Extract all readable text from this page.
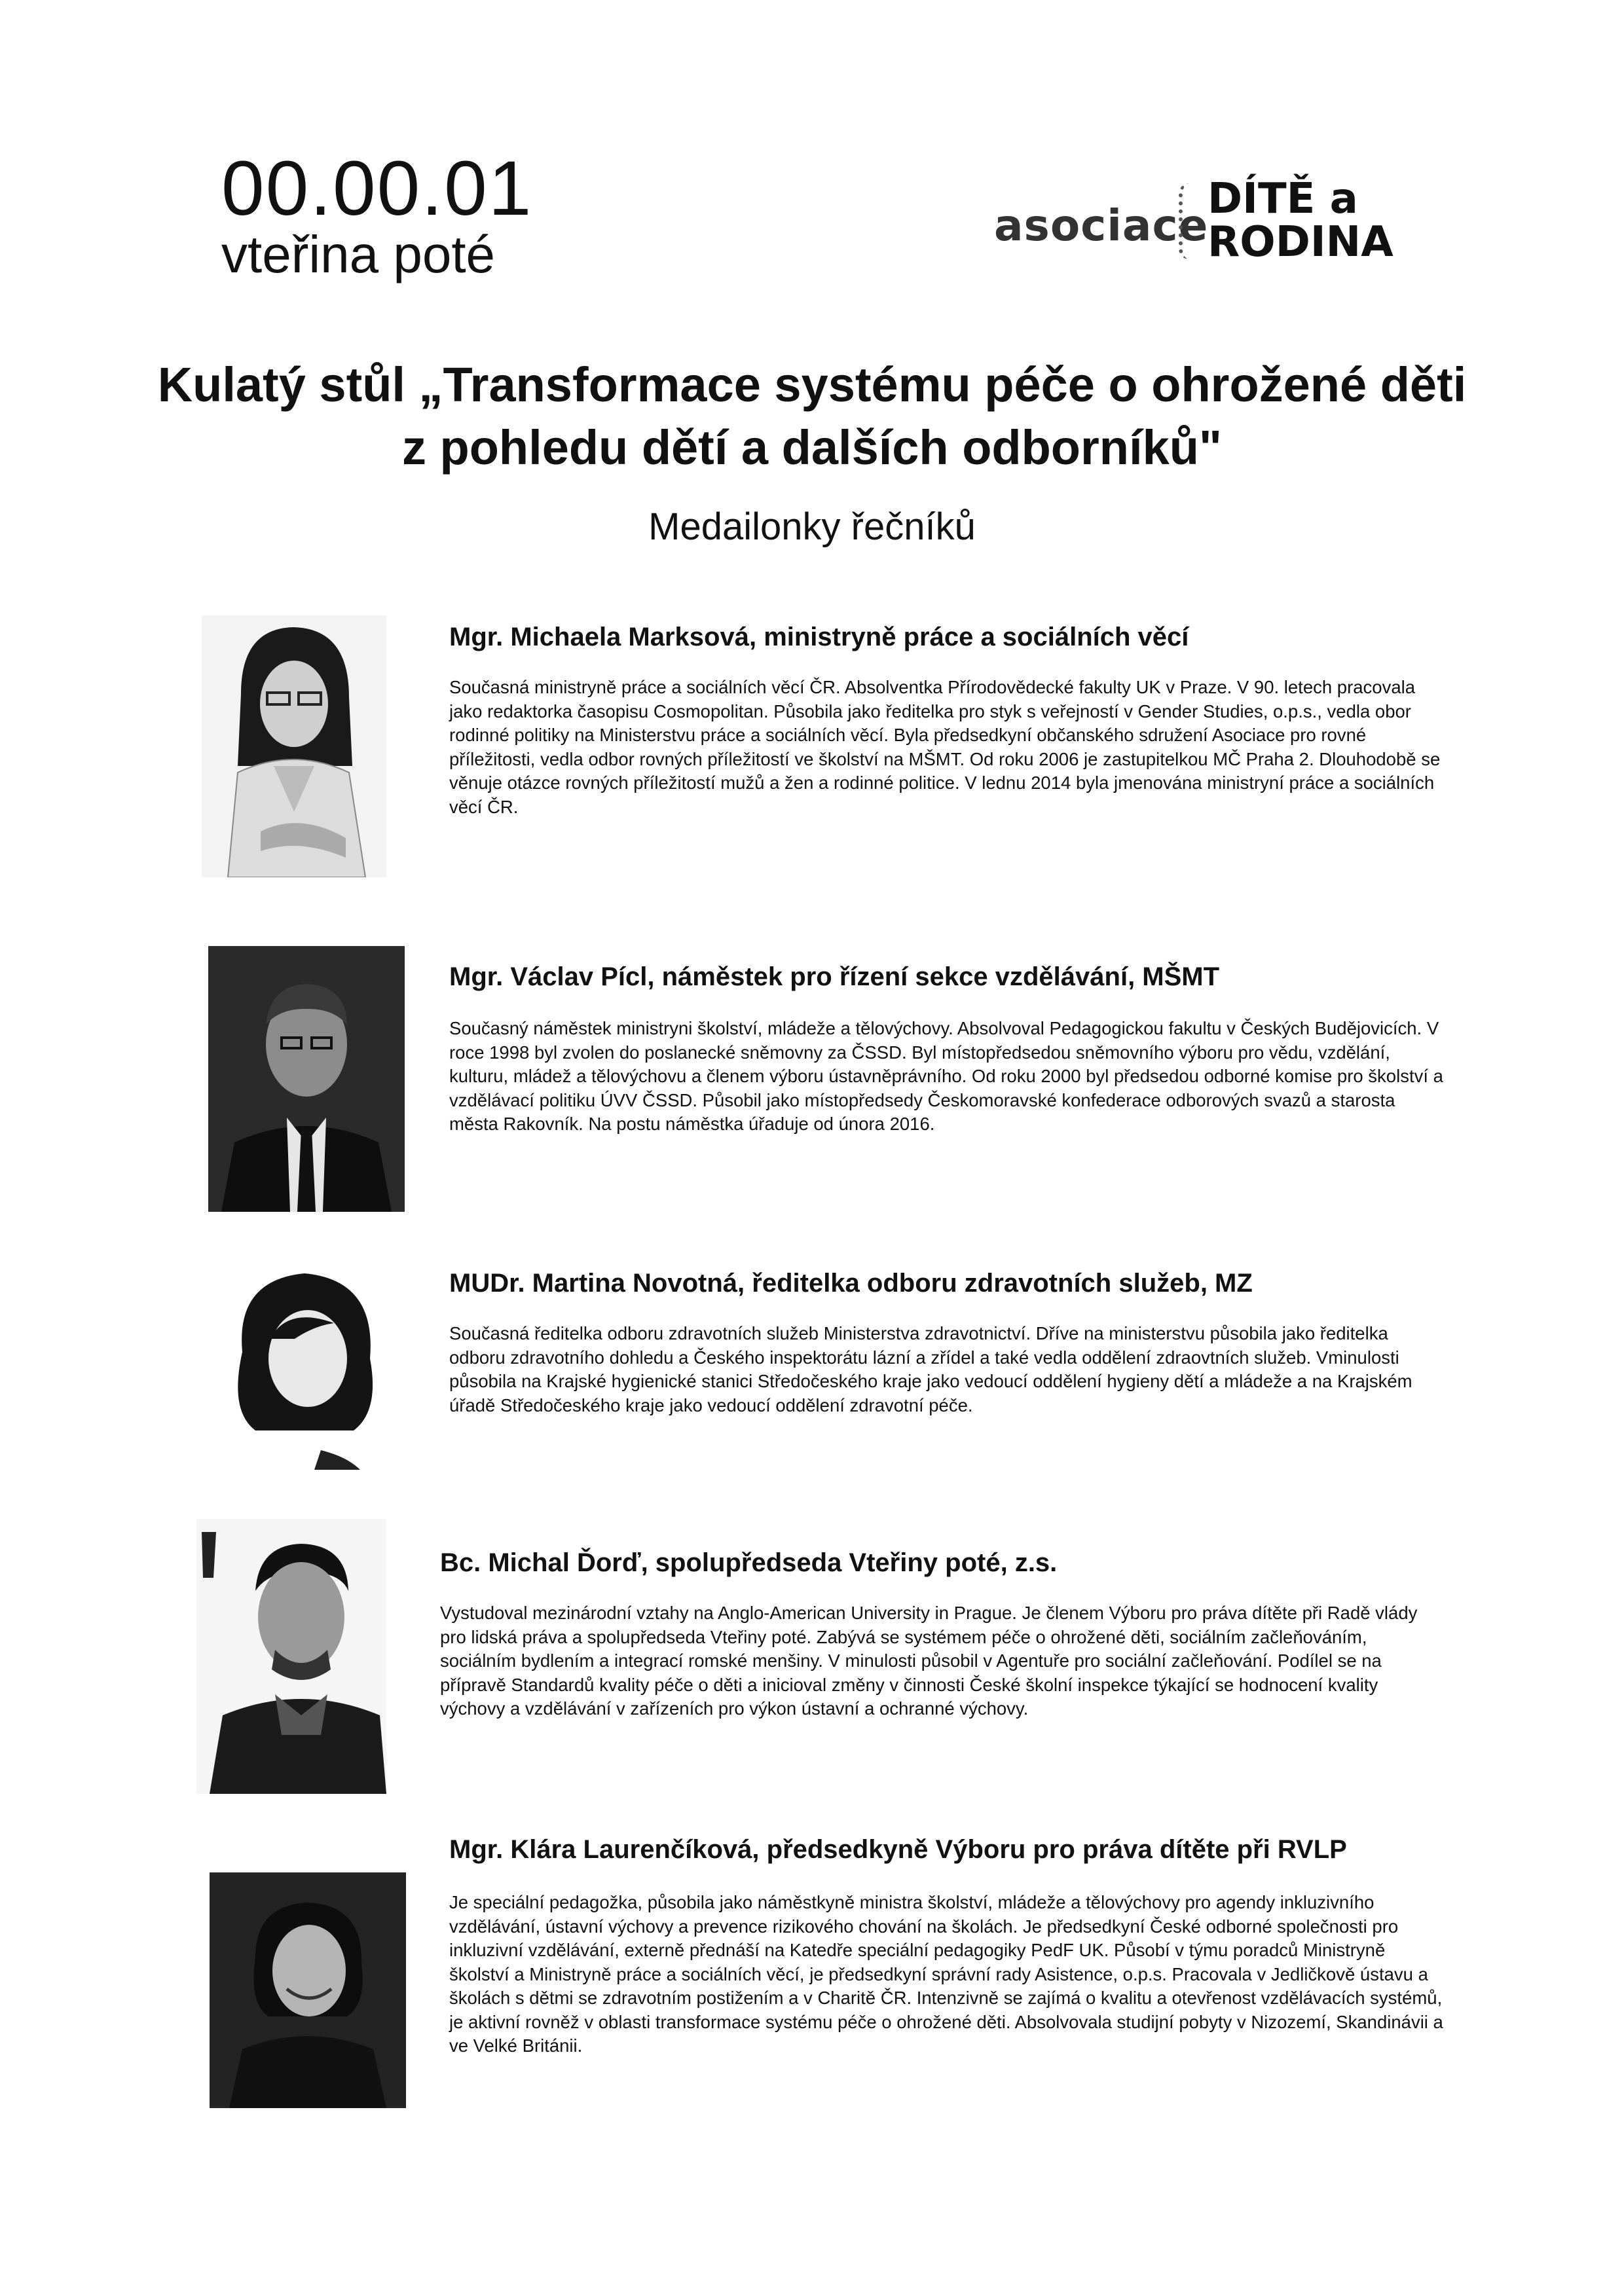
00.00.01
vteřina poté	asociace
DÍTĚ a
RODINA
Kulatý stůl „Transformace systému péče o ohrožené děti z pohledu dětí a dalších odborníků"
Medailonky řečníků
Mgr. Michaela Marksová, ministryně práce a sociálních věcí
Současná ministryně práce a sociálních věcí ČR. Absolventka Přírodovědecké fakulty UK v Praze. V 90. letech pracovala jako redaktorka časopisu Cosmopolitan. Působila jako ředitelka pro styk s veřejností v Gender Studies, o.p.s., vedla obor rodinné politiky na Ministerstvu práce a sociálních věcí. Byla předsedkyní občanského sdružení Asociace pro rovné příležitosti, vedla odbor rovných příležitostí ve školství na MŠMT. Od roku 2006 je zastupitelkou MČ Praha 2. Dlouhodobě se věnuje otázce rovných příležitostí mužů a žen a rodinné politice. V lednu 2014 byla jmenována ministryní práce a sociálních věcí ČR.
Mgr. Václav Pícl, náměstek pro řízení sekce vzdělávání, MŠMT
Současný náměstek ministryni školství, mládeže a tělovýchovy. Absolvoval Pedagogickou fakultu v Českých Budějovicích. V roce 1998 byl zvolen do poslanecké sněmovny za ČSSD. Byl místopředsedou sněmovního výboru pro vědu, vzdělání, kulturu, mládež a tělovýchovu a členem výboru ústavněprávního. Od roku 2000 byl předsedou odborné komise pro školství a vzdělávací politiku ÚVV ČSSD. Působil jako místopředsedy Českomoravské konfederace odborových svazů a starosta města Rakovník. Na postu náměstka úřaduje od února 2016.
MUDr. Martina Novotná, ředitelka odboru zdravotních služeb, MZ
Současná ředitelka odboru zdravotních služeb Ministerstva zdravotnictví. Dříve na ministerstvu působila jako ředitelka odboru zdravotního dohledu a Českého inspektorátu lázní a zřídel a také vedla oddělení zdraovtních služeb. Vminulosti působila na Krajské hygienické stanici Středočeského kraje jako vedoucí oddělení hygieny dětí a mládeže a na Krajském úřadě Středočeského kraje jako vedoucí oddělení zdravotní péče.
Bc. Michal Ďorď, spolupředseda Vteřiny poté, z.s.
Vystudoval mezinárodní vztahy na Anglo-American University in Prague. Je členem Výboru pro práva dítěte při Radě vlády pro lidská práva a spolupředseda Vteřiny poté. Zabývá se systémem péče o ohrožené děti, sociálním začleňováním, sociálním bydlením a integrací romské menšiny. V minulosti působil v Agentuře pro sociální začleňování. Podílel se na přípravě Standardů kvality péče o děti a inicioval změny v činnosti České školní inspekce týkající se hodnocení kvality výchovy a vzdělávání v zařízeních pro výkon ústavní a ochranné výchovy.
Mgr. Klára Laurenčíková, předsedkyně Výboru pro práva dítěte při RVLP
Je speciální pedagožka, působila jako náměstkyně ministra školství, mládeže a tělovýchovy pro agendy inkluzivního vzdělávání, ústavní výchovy a prevence rizikového chování na školách. Je předsedkyní České odborné společnosti pro inkluzivní vzdělávání, externě přednáší na Katedře speciální pedagogiky PedF UK. Působí v týmu poradců Ministryně školství a Ministryně práce a sociálních věcí, je předsedkyní správní rady Asistence, o.p.s. Pracovala v Jedličkově ústavu a školách s dětmi se zdravotním postižením a v Charitě ČR. Intenzivně se zajímá o kvalitu a otevřenost vzdělávacích systémů, je aktivní rovněž v oblasti transformace systému péče o ohrožené děti. Absolvovala studijní pobyty v Nizozemí, Skandinávii a ve Velké Británii.
